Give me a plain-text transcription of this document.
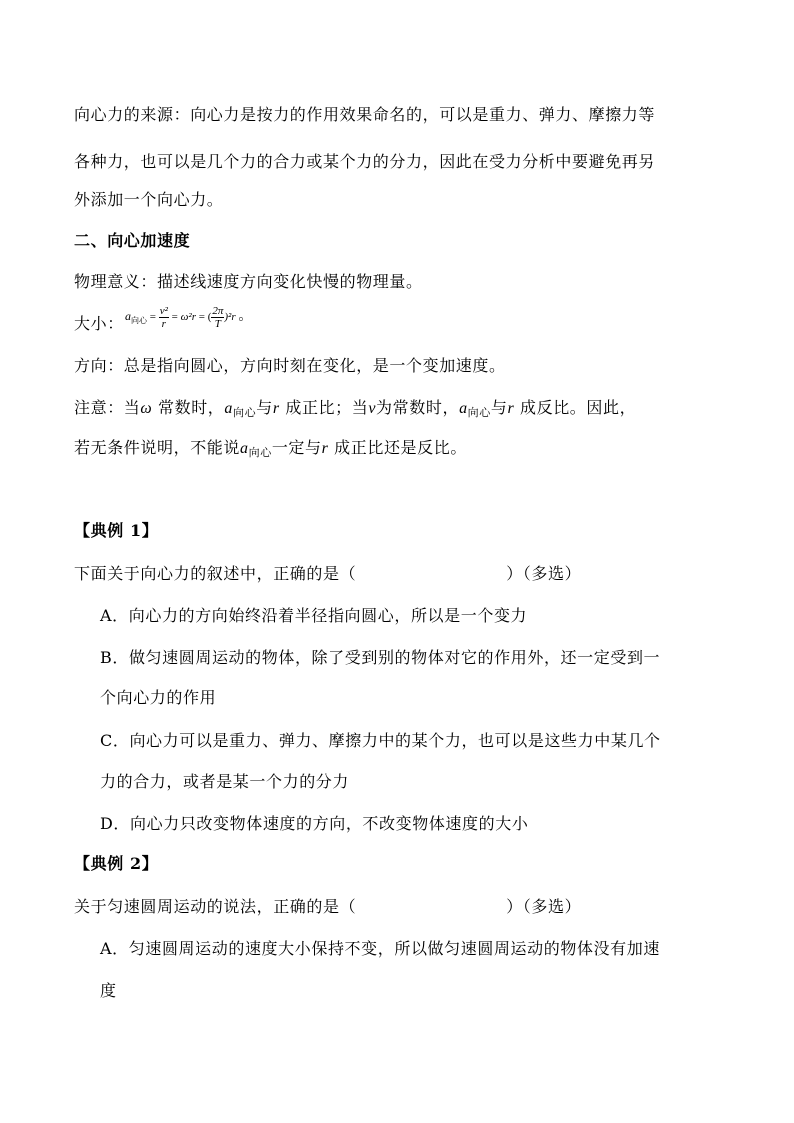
向心力的来源：向心力是按力的作用效果命名的，可以是重力、弹力、摩擦力等
各种力，也可以是几个力的合力或某个力的分力，因此在受力分析中要避免再另
外添加一个向心力。
二、向心加速度
物理意义：描述线速度方向变化快慢的物理量。
大小： $a_{向心} = \frac{\text{v²}}{r} = \omega^2r$ = ( $\frac{2\pi}{T} )^2r$ 。
方向：总是指向圆心，方向时刻在变化，是一个变加速度。
注意：当ω 常数时，$a_{向心}$与r 成正比；当v为常数时，$a_{向心}$与r 成反比。因此，
若无条件说明，不能说$a_{向心}$一定与r 成正比还是反比。
【典例 1】
下面关于向心力的叙述中，正确的是（	）（多选）
A．向心力的方向始终沿着半径指向圆心，所以是一个变力
B．做匀速圆周运动的物体，除了受到别的物体对它的作用外，还一定受到一
个向心力的作用
C．向心力可以是重力、弹力、摩擦力中的某个力，也可以是这些力中某几个
力的合力，或者是某一个力的分力
D．向心力只改变物体速度的方向，不改变物体速度的大小
【典例 2】
关于匀速圆周运动的说法，正确的是（	）（多选）
A．匀速圆周运动的速度大小保持不变，所以做匀速圆周运动的物体没有加速
度
